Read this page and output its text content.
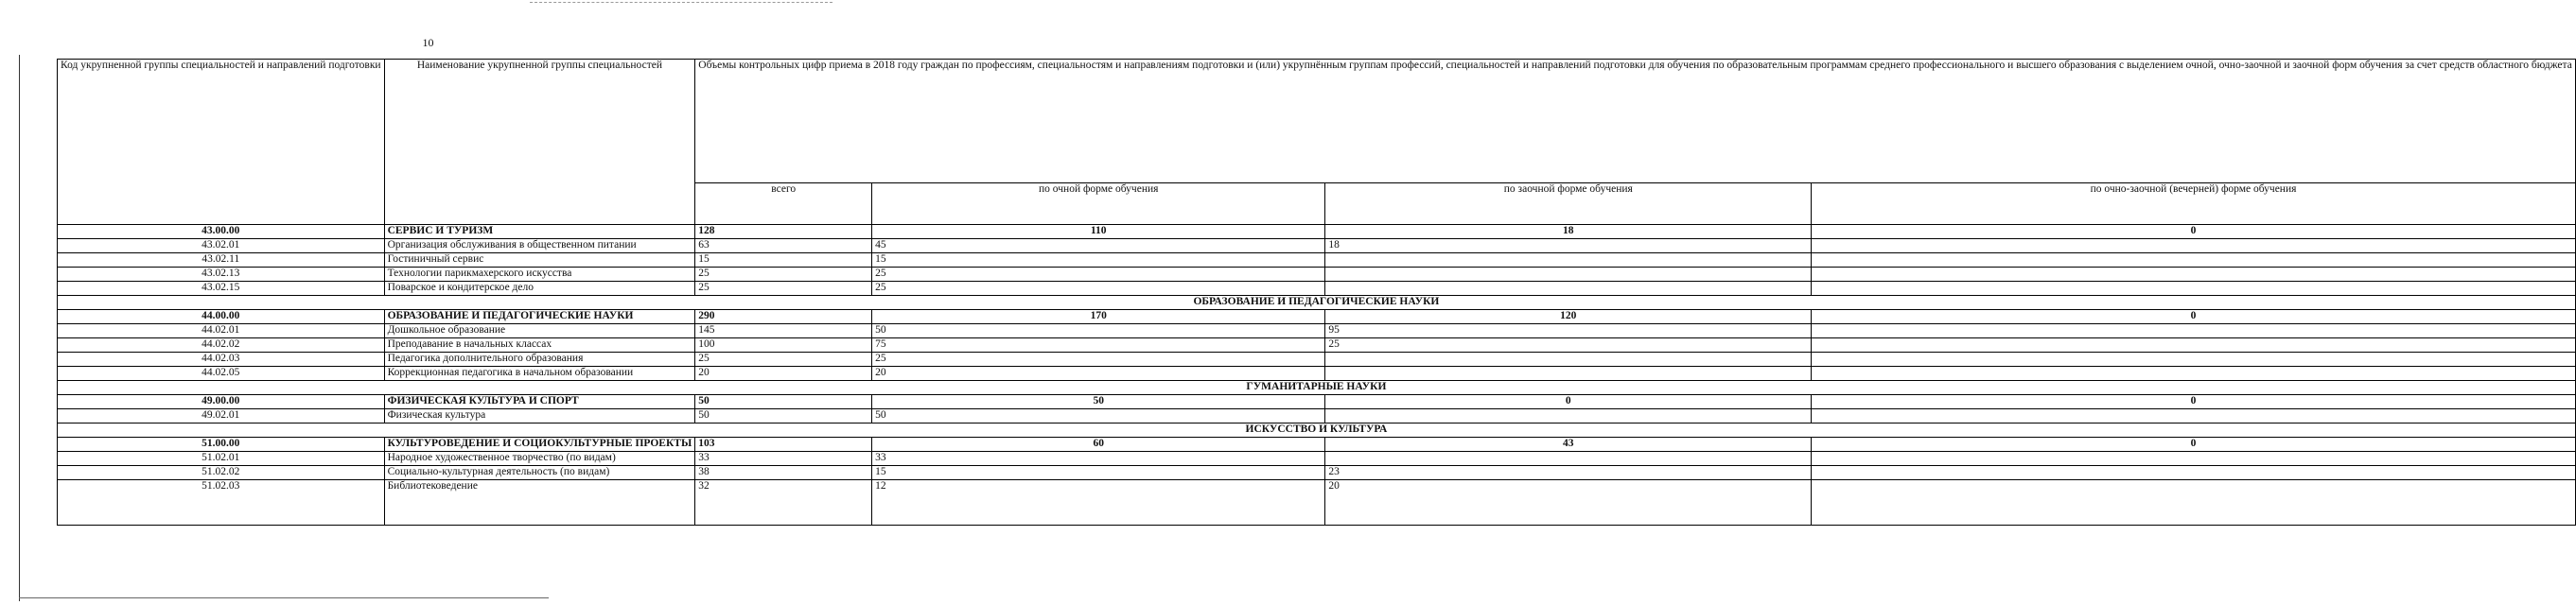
10
Код укрупненной группы специальностей и направлений подготовки	Наименование укрупненной группы специальностей	Объемы контрольных цифр приема в 2018 году граждан по профессиям, специальностям и направлениям подготовки и (или) укрупнённым группам профессий, специальностей и направлений подготовки для обучения по образовательным программам среднего профессионального и высшего образования с выделением очной, очно-заочной и заочной форм обучения за счет средств областного бюджета			
		всего	по очной форме обучения	по заочной форме обучения	по очно-заочной (вечерней) форме обучения
43.00.00	СЕРВИС И ТУРИЗМ	128	110	18	0
43.02.01	Организация обслуживания в общественном питании	63	45	18	
43.02.11	Гостиничный сервис	15	15		
43.02.13	Технологии парикмахерского искусства	25	25		
43.02.15	Поварское и кондитерское дело	25	25		
ОБРАЗОВАНИЕ И ПЕДАГОГИЧЕСКИЕ НАУКИ					
44.00.00	ОБРАЗОВАНИЕ И ПЕДАГОГИЧЕСКИЕ НАУКИ	290	170	120	0
44.02.01	Дошкольное образование	145	50	95	
44.02.02	Преподавание в начальных классах	100	75	25	
44.02.03	Педагогика дополнительного образования	25	25		
44.02.05	Коррекционная педагогика в начальном образовании	20	20		
ГУМАНИТАРНЫЕ НАУКИ					
49.00.00	ФИЗИЧЕСКАЯ КУЛЬТУРА И СПОРТ	50	50	0	0
49.02.01	Физическая культура	50	50		
ИСКУССТВО И КУЛЬТУРА					
51.00.00	КУЛЬТУРОВЕДЕНИЕ И СОЦИОКУЛЬТУРНЫЕ ПРОЕКТЫ	103	60	43	0
51.02.01	Народное художественное творчество (по видам)	33	33		
51.02.02	Социально-культурная деятельность (по видам)	38	15	23	
51.02.03	Библиотековедение	32	12	20	
